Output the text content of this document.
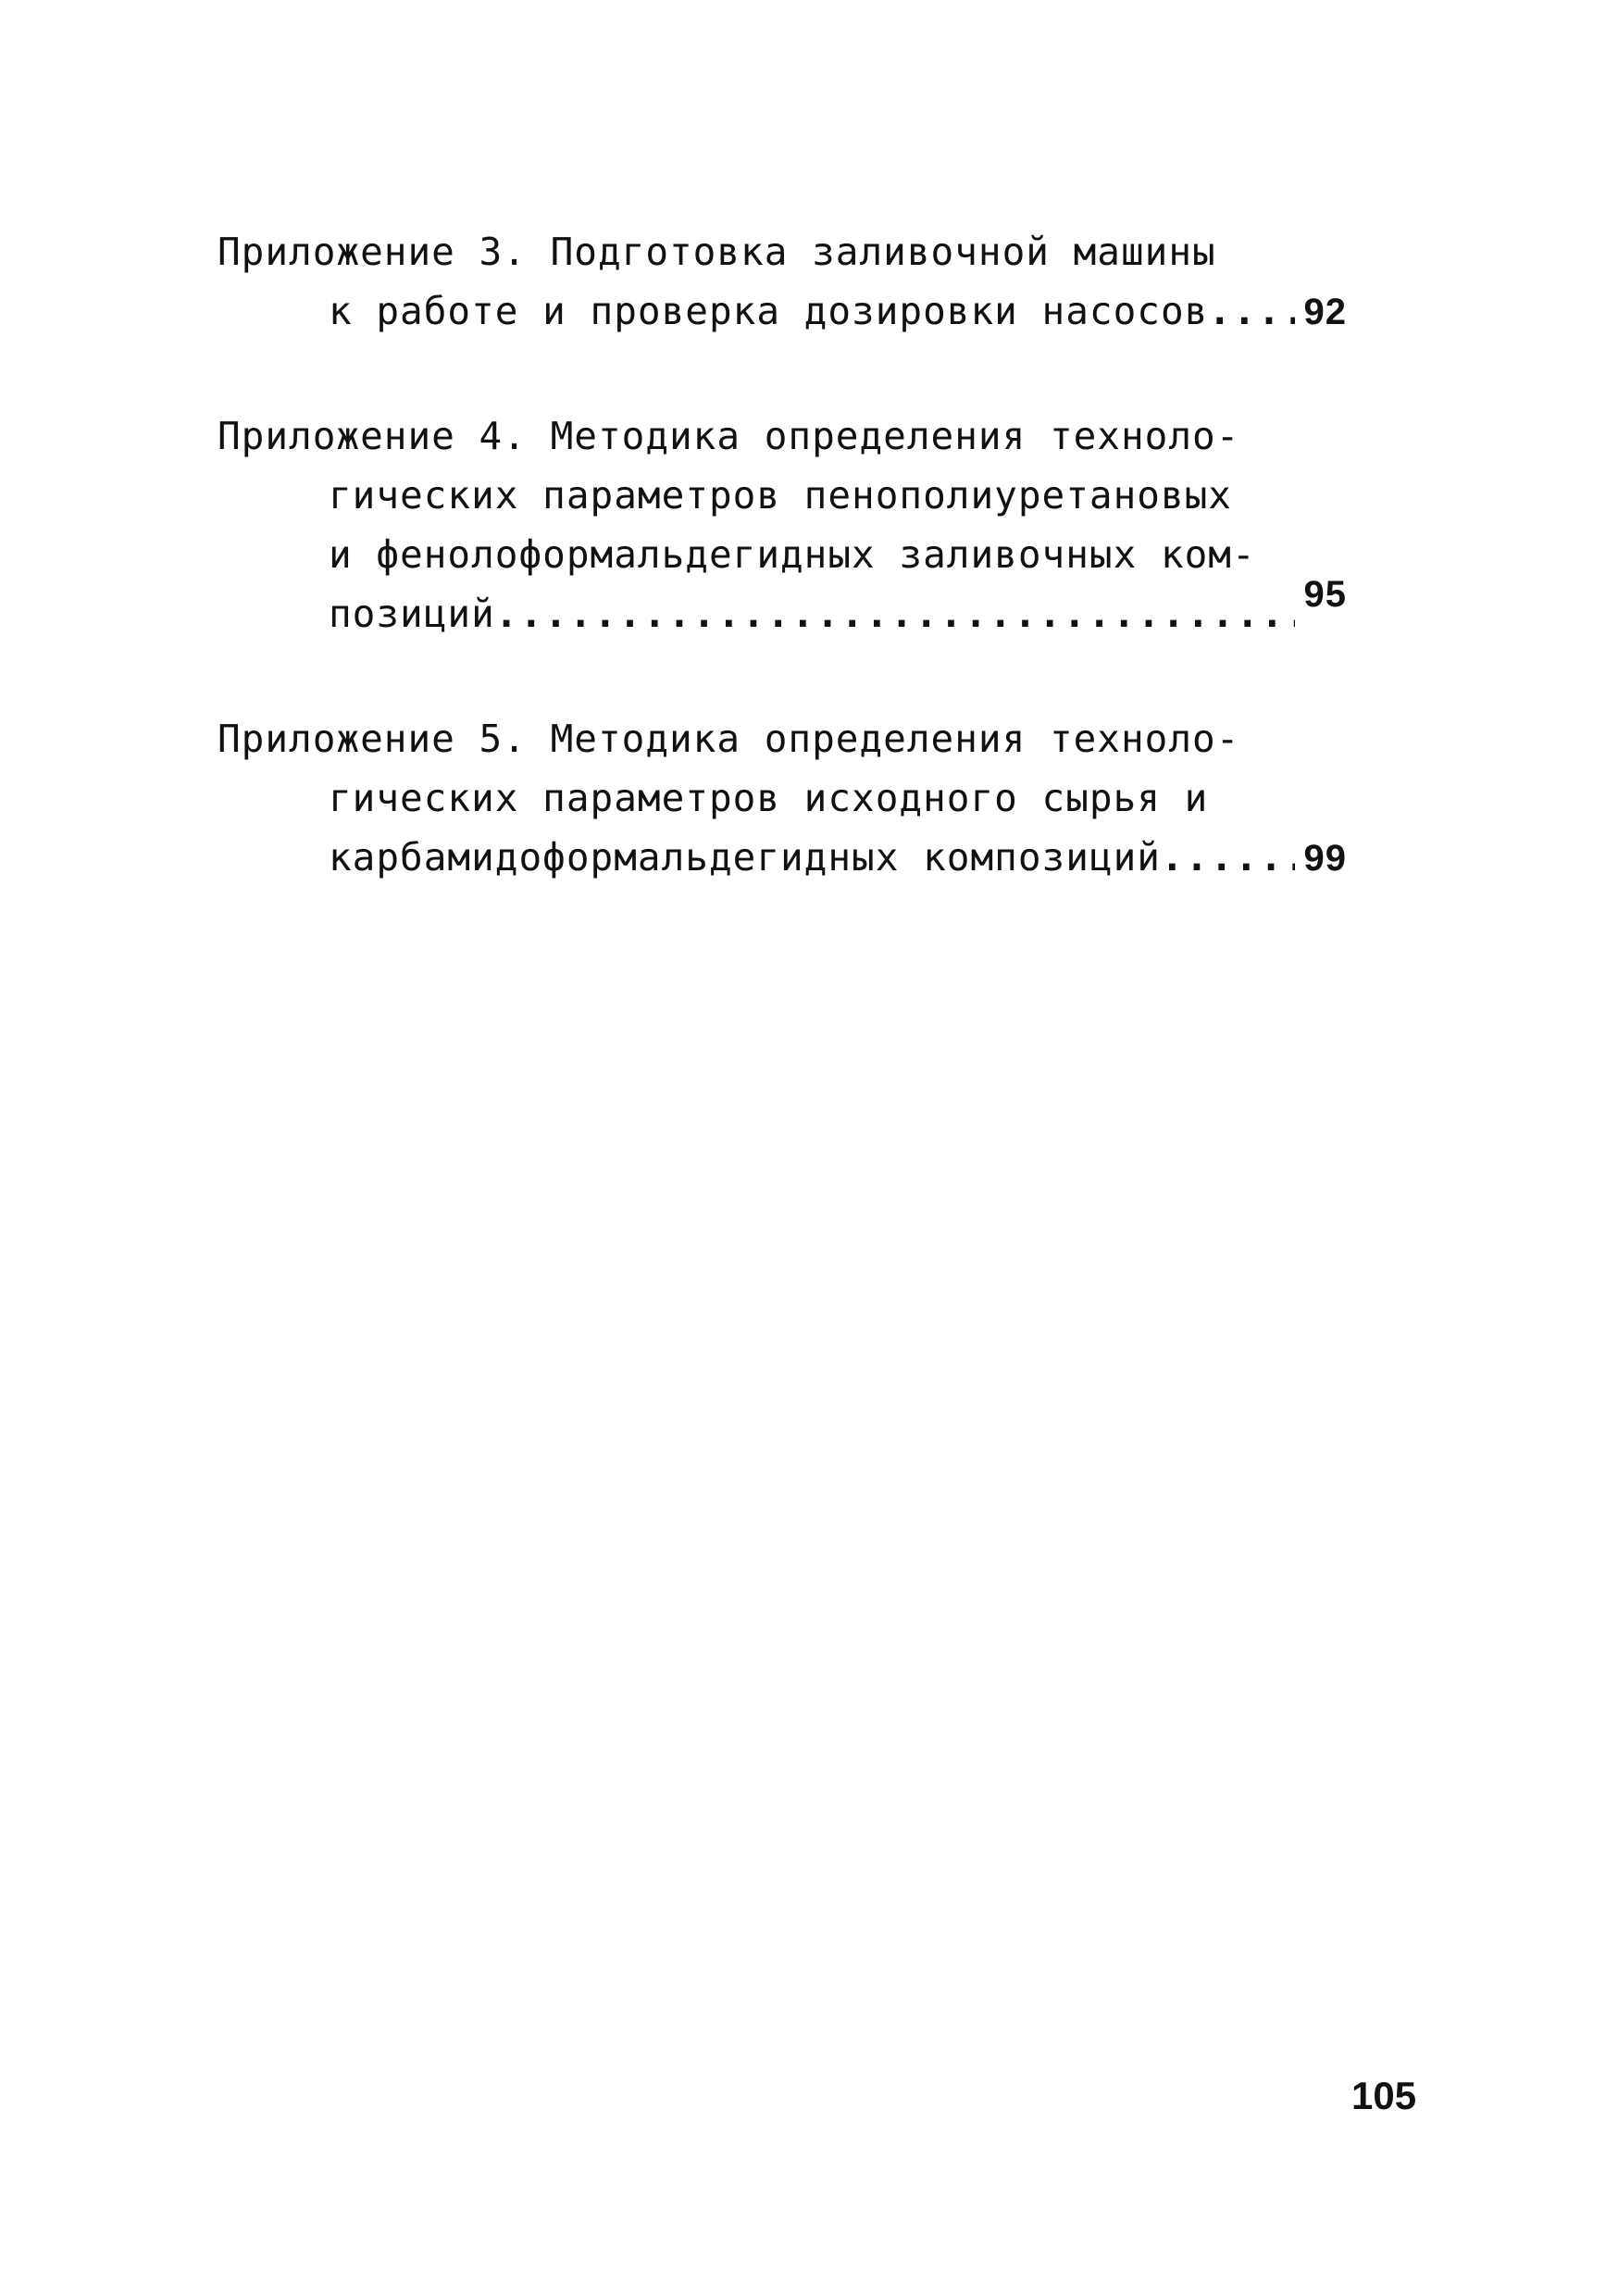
Приложение 3. Подготовка заливочной машины
к работе и проверка дозировки насосов .....	92
Приложение 4. Методика определения техноло-
гических параметров пенополиуретановых
и фенолоформальдегидных заливочных ком-
позиций .....	95
Приложение 5. Методика определения техноло-
гических параметров исходного сырья и
карбамидоформальдегидных композиций .....	99
105
